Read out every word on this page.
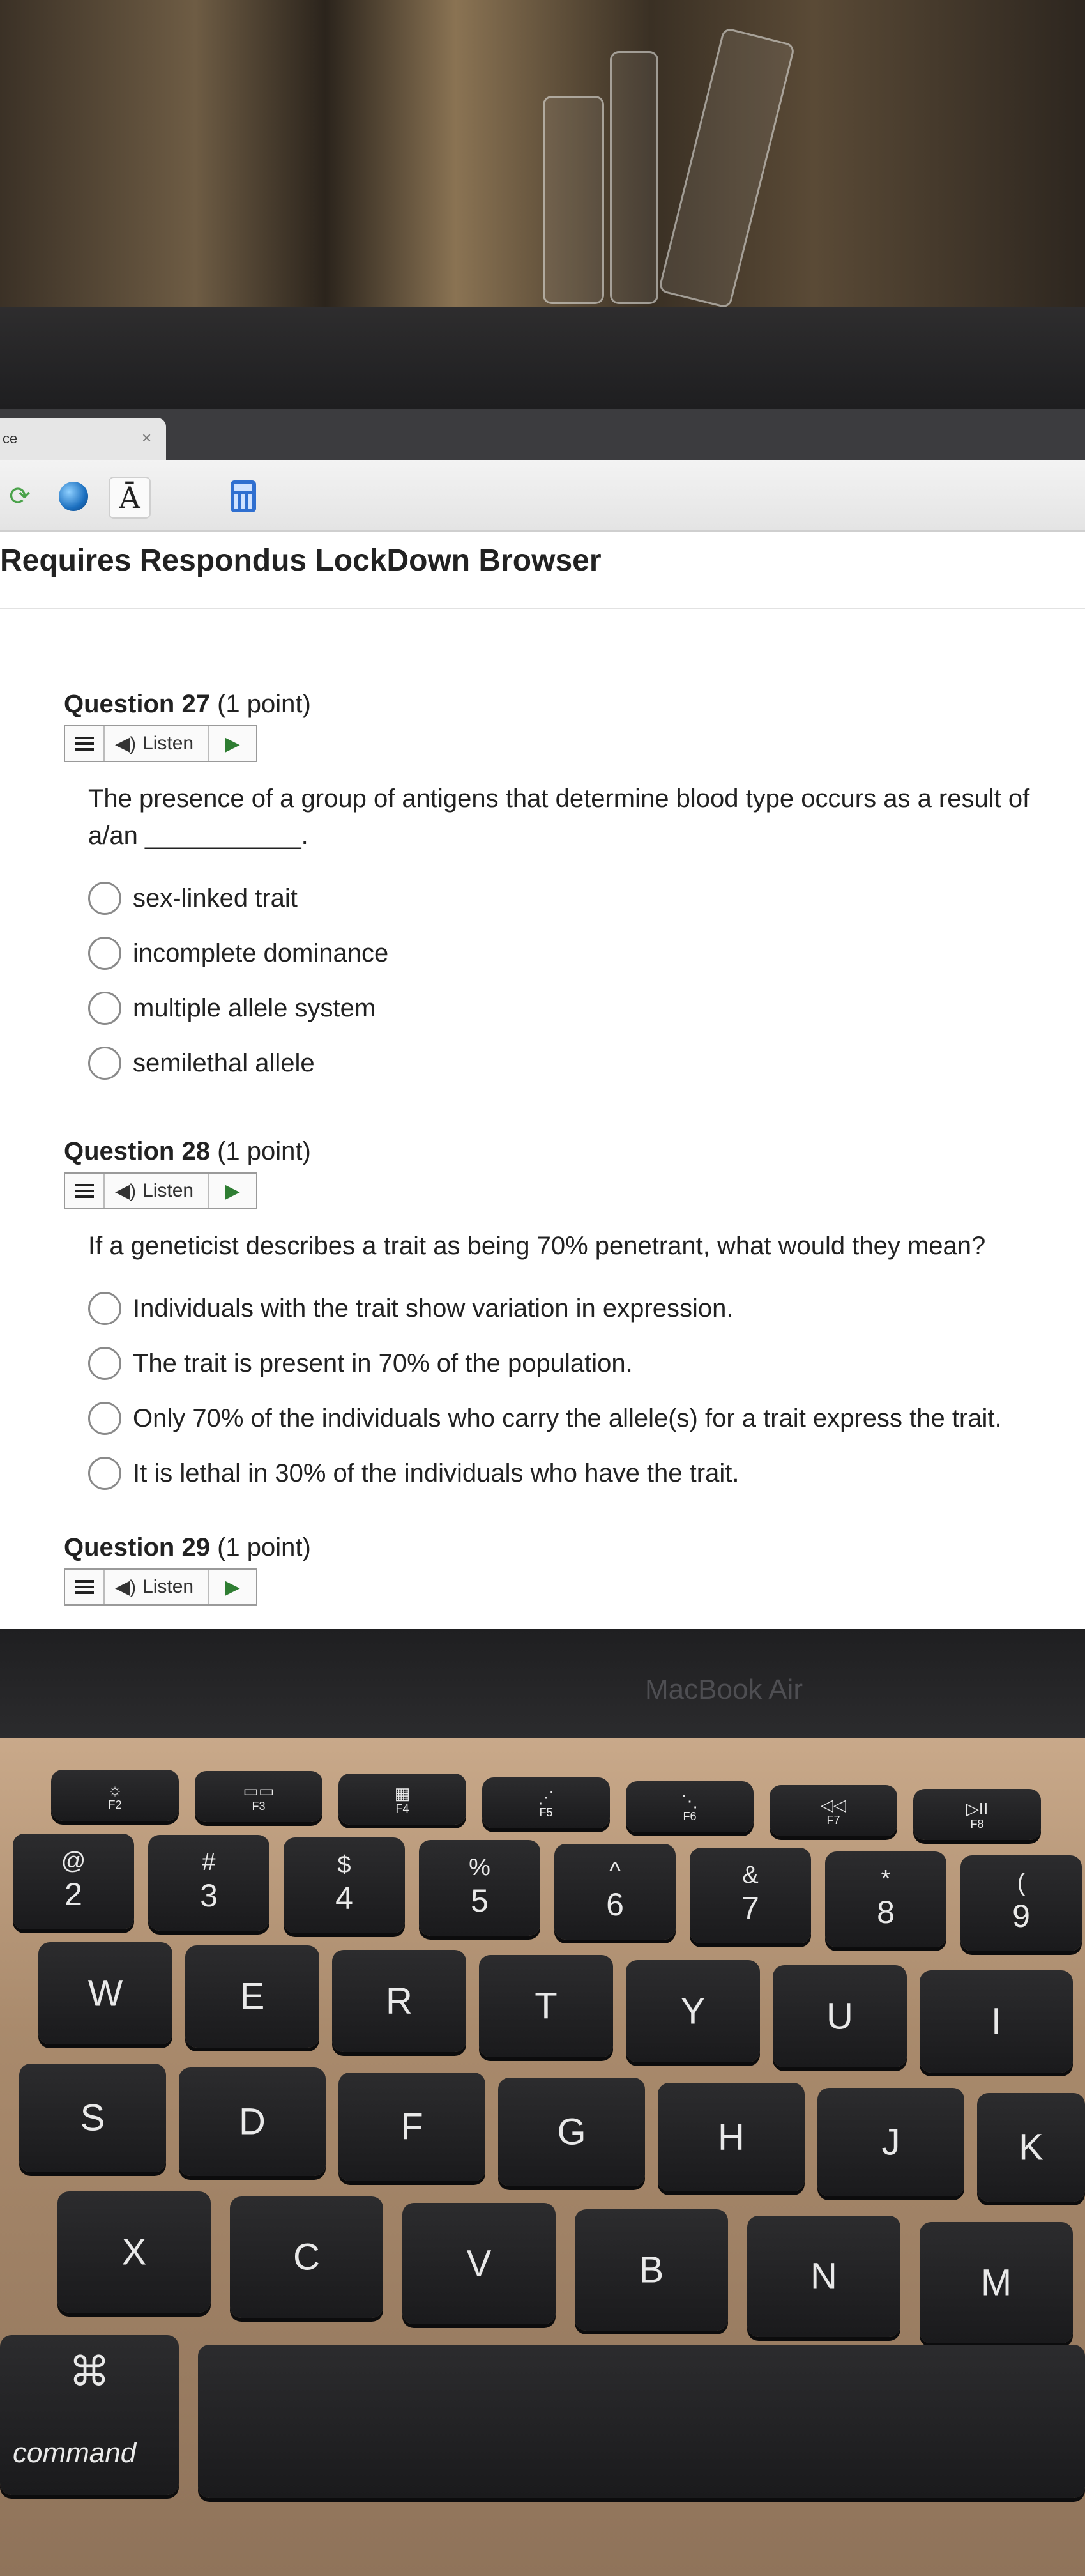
ce	×
⟳	Ā
Requires Respondus LockDown Browser
Question 27 (1 point)
◀) Listen	▶
The presence of a group of antigens that determine blood type occurs as a result of a/an ___________.
sex-linked trait
incomplete dominance
multiple allele system
semilethal allele
Question 28 (1 point)
◀) Listen	▶
If a geneticist describes a trait as being 70% penetrant, what would they mean?
Individuals with the trait show variation in expression.
The trait is present in 70% of the population.
Only 70% of the individuals who carry the allele(s) for a trait express the trait.
It is lethal in 30% of the individuals who have the trait.
Question 29 (1 point)
◀) Listen	▶
MacBook Air
☼
F2
▭▭
F3
▦
F4
⋰
F5
⋱
F6
◁◁
F7
▷II
F8
@
2
#
3
$
4
%
5
^
6
&
7
*
8
(
9
W	E	R	T	Y	U	I
S	D	F	G	H	J	K
X	C	V	B	N	M
⌘
command
